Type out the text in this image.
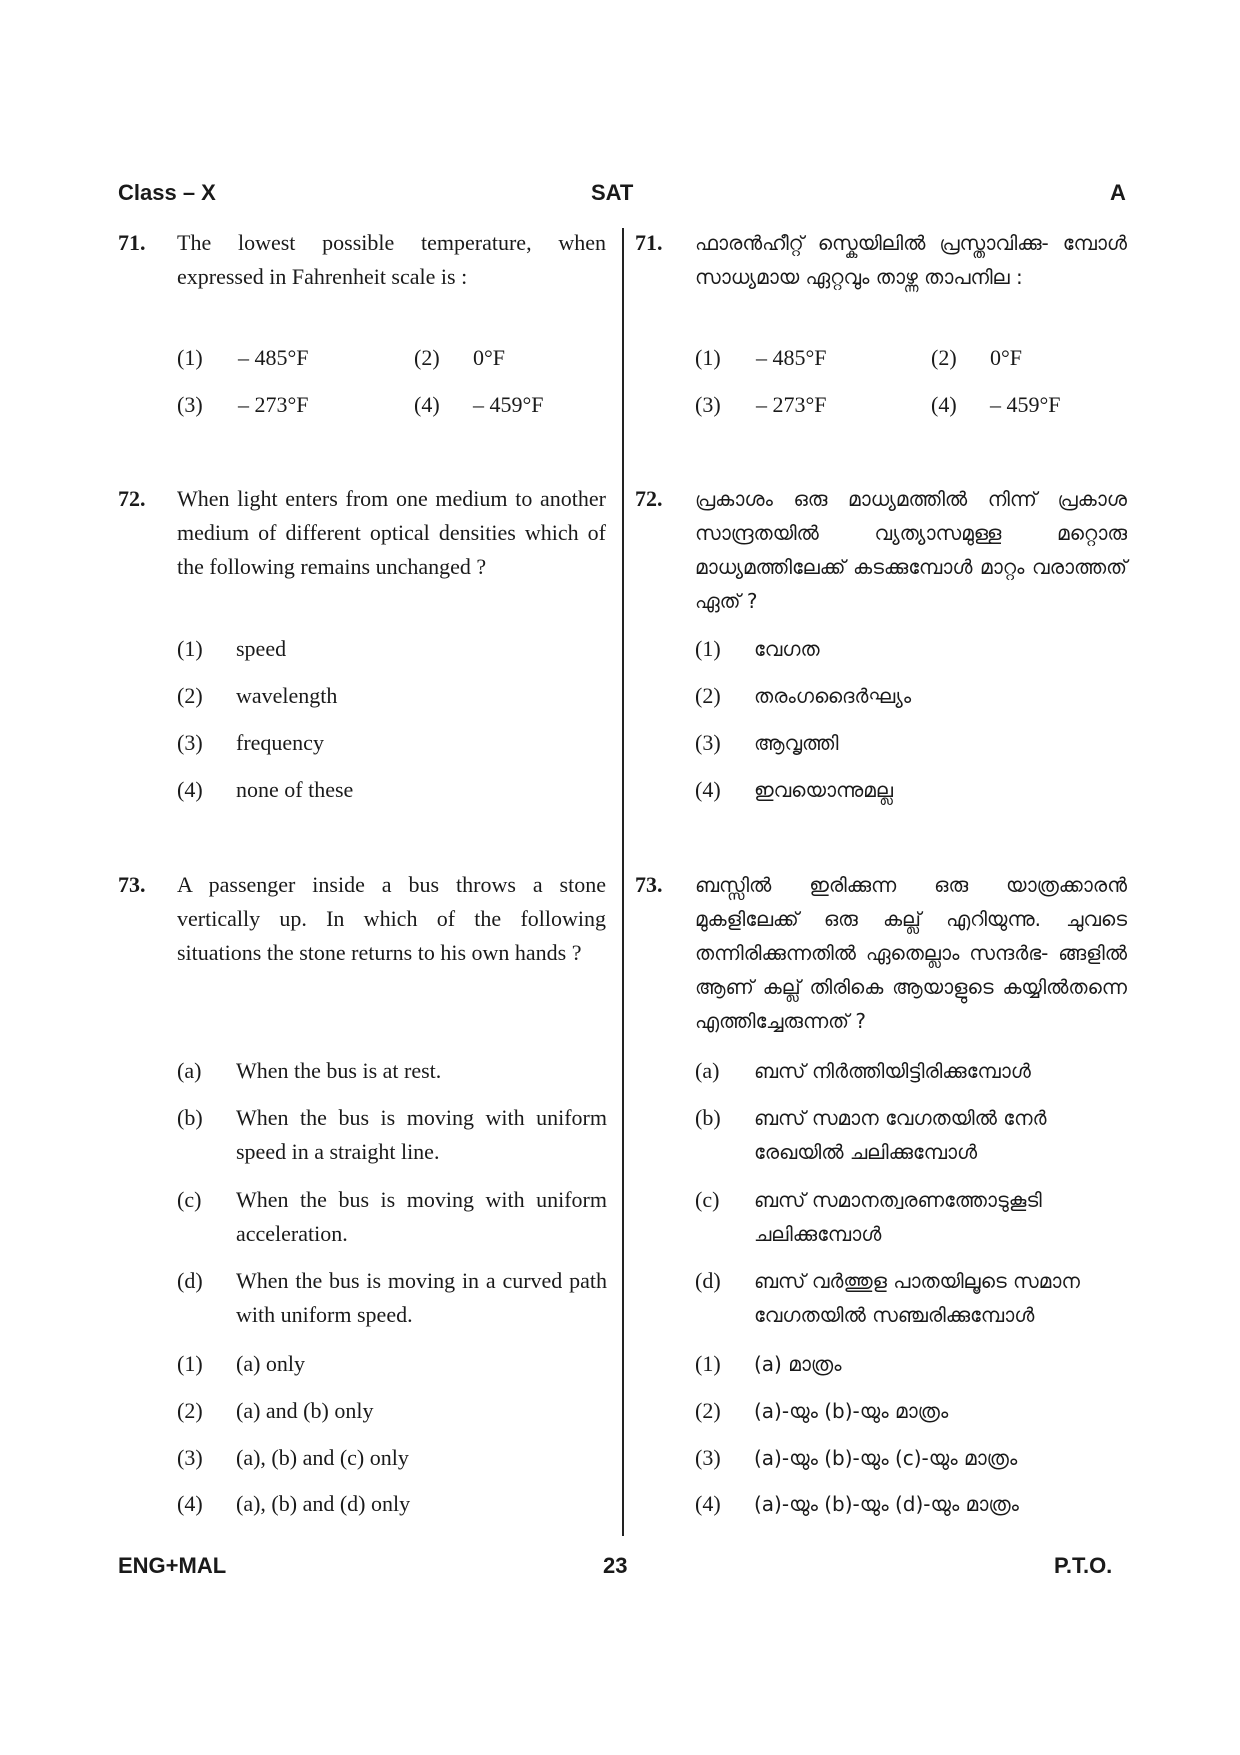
Class – X	SAT	A
71. The lowest possible temperature, when expressed in Fahrenheit scale is :
(1) – 485°F	(2) 0°F
(3) – 273°F	(4) – 459°F
72. When light enters from one medium to another medium of different optical densities which of the following remains unchanged ?
(1) speed
(2) wavelength
(3) frequency
(4) none of these
73. A passenger inside a bus throws a stone vertically up. In which of the following situations the stone returns to his own hands ?
(a) When the bus is at rest.
(b) When the bus is moving with uniform speed in a straight line.
(c) When the bus is moving with uniform acceleration.
(d) When the bus is moving in a curved path with uniform speed.
(1) (a) only
(2) (a) and (b) only
(3) (a), (b) and (c) only
(4) (a), (b) and (d) only
71. ഫാരൻഹീറ്റ് സ്കെയിലിൽ പ്രസ്താവിക്കു- മ്പോൾ സാധ്യമായ ഏറ്റവും താഴ്ന്ന താപനില :
(1) – 485°F	(2) 0°F
(3) – 273°F	(4) – 459°F
72. പ്രകാശം ഒരു മാധ്യമത്തിൽ നിന്ന് പ്രകാശ സാന്ദ്രതയിൽ വ്യത്യാസമുള്ള മറ്റൊരു മാധ്യമത്തിലേക്ക് കടക്കുമ്പോൾ മാറ്റം വരാത്തത് ഏത് ?
(1) വേഗത
(2) തരംഗദൈർഘ്യം
(3) ആവൃത്തി
(4) ഇവയൊന്നുമല്ല
73. ബസ്സിൽ ഇരിക്കുന്ന ഒരു യാത്രക്കാരൻ മുകളിലേക്ക് ഒരു കല്ല് എറിയുന്നു. ചുവടെ തന്നിരിക്കുന്നതിൽ ഏതെല്ലാം സന്ദർഭ- ങ്ങളിൽ ആണ് കല്ല് തിരികെ ആയാളുടെ കയ്യിൽതന്നെ എത്തിച്ചേരുന്നത് ?
(a) ബസ് നിർത്തിയിട്ടിരിക്കുമ്പോൾ
(b) ബസ് സമാന വേഗതയിൽ നേർ രേഖയിൽ ചലിക്കുമ്പോൾ
(c) ബസ് സമാനത്വരണത്തോടുകൂടി ചലിക്കുമ്പോൾ
(d) ബസ് വർത്തുള പാതയിലൂടെ സമാന വേഗതയിൽ സഞ്ചരിക്കുമ്പോൾ
(1) (a) മാത്രം
(2) (a)-യും (b)-യും മാത്രം
(3) (a)-യും (b)-യും (c)-യും മാത്രം
(4) (a)-യും (b)-യും (d)-യും മാത്രം
ENG+MAL	23	P.T.O.
